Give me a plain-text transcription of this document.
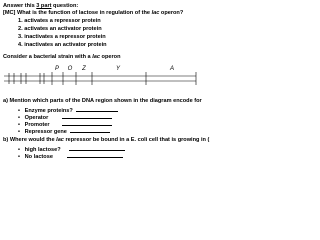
Answer this 3 part question:
[MC] What is the function of lactose in regulation of the lac operon?
1. activates a repressor protein
2. activates an activator protein
3. inactivates a repressor protein
4. inactivates an activator protein
Consider a bacterial strain with a lac operon
P O Z	Y	A
a) Mention which parts of the DNA region shown in the diagram encode for
• Enzyme proteins?
• Operator
• Promoter
• Repressor gene
b) Where would the lac repressor be bound in a E. coli cell that is growing in (
• high lactose?
• No lactose
